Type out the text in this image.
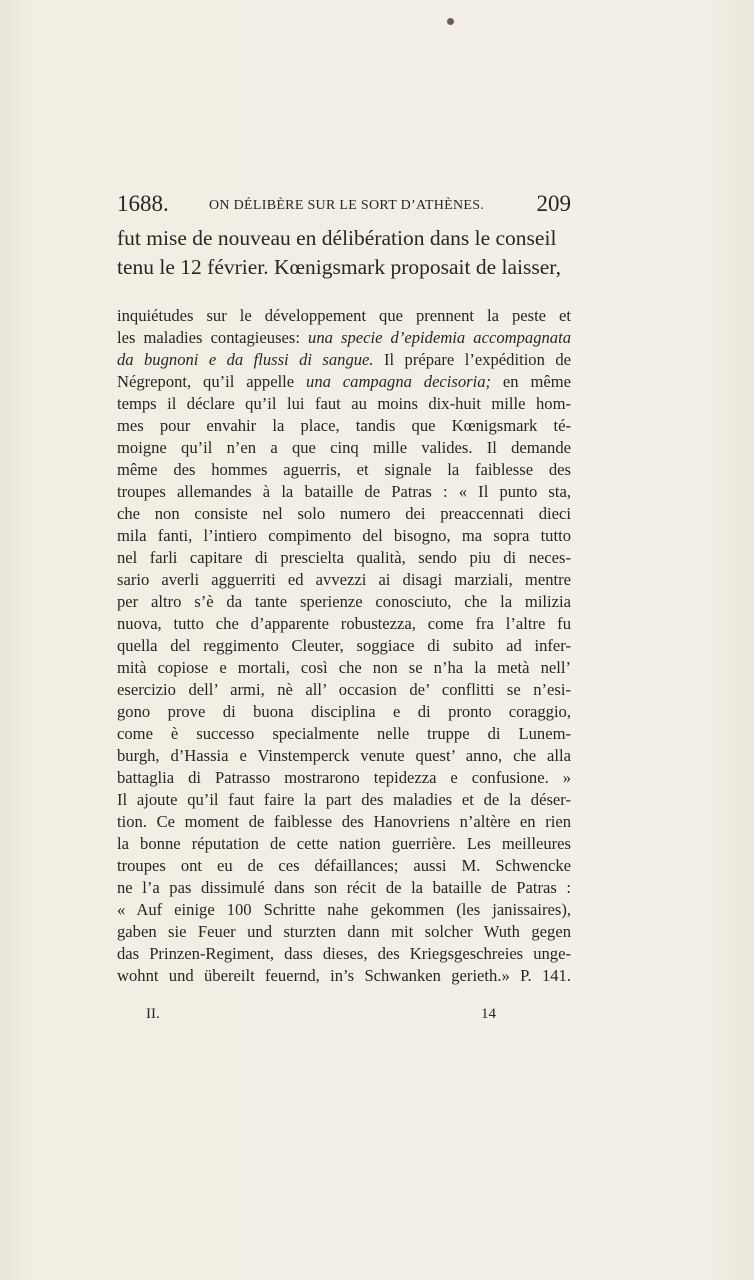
1688.	ON DÉLIBÈRE SUR LE SORT D’ATHÈNES. 209
fut mise de nouveau en délibération dans le conseil
tenu le 12 février. Kœnigsmark proposait de laisser,
inquiétudes sur le développement que prennent la peste et
les maladies contagieuses: una specie d’epidemia accompagnata
da bugnoni e da flussi di sangue. Il prépare l’expédition de
Négrepont, qu’il appelle una campagna decisoria; en même
temps il déclare qu’il lui faut au moins dix-huit mille hom-
mes pour envahir la place, tandis que Kœnigsmark té-
moigne qu’il n’en a que cinq mille valides. Il demande
même des hommes aguerris, et signale la faiblesse des
troupes allemandes à la bataille de Patras : « Il punto sta,
che non consiste nel solo numero dei preaccennati dieci
mila fanti, l’intiero compimento del bisogno, ma sopra tutto
nel farli capitare di prescielta qualità, sendo piu di neces-
sario averli agguerriti ed avvezzi ai disagi marziali, mentre
per altro s’è da tante sperienze conosciuto, che la milizia
nuova, tutto che d’apparente robustezza, come fra l’altre fu
quella del reggimento Cleuter, soggiace di subito ad infer-
mità copiose e mortali, così che non se n’ha la metà nell’
esercizio dell’ armi, nè all’ occasion de’ conflitti se n’esi-
gono prove di buona disciplina e di pronto coraggio,
come è successo specialmente nelle truppe di Lunem-
burgh, d’Hassia e Vinstemperck venute quest’ anno, che alla
battaglia di Patrasso mostrarono tepidezza e confusione. »
Il ajoute qu’il faut faire la part des maladies et de la déser-
tion. Ce moment de faiblesse des Hanovriens n’altère en rien
la bonne réputation de cette nation guerrière. Les meilleures
troupes ont eu de ces défaillances; aussi M. Schwencke
ne l’a pas dissimulé dans son récit de la bataille de Patras :
« Auf einige 100 Schritte nahe gekommen (les janissaires),
gaben sie Feuer und sturzten dann mit solcher Wuth gegen
das Prinzen-Regiment, dass dieses, des Kriegsgeschreies unge-
wohnt und übereilt feuernd, in’s Schwanken gerieth.» P. 141.
II.	14
